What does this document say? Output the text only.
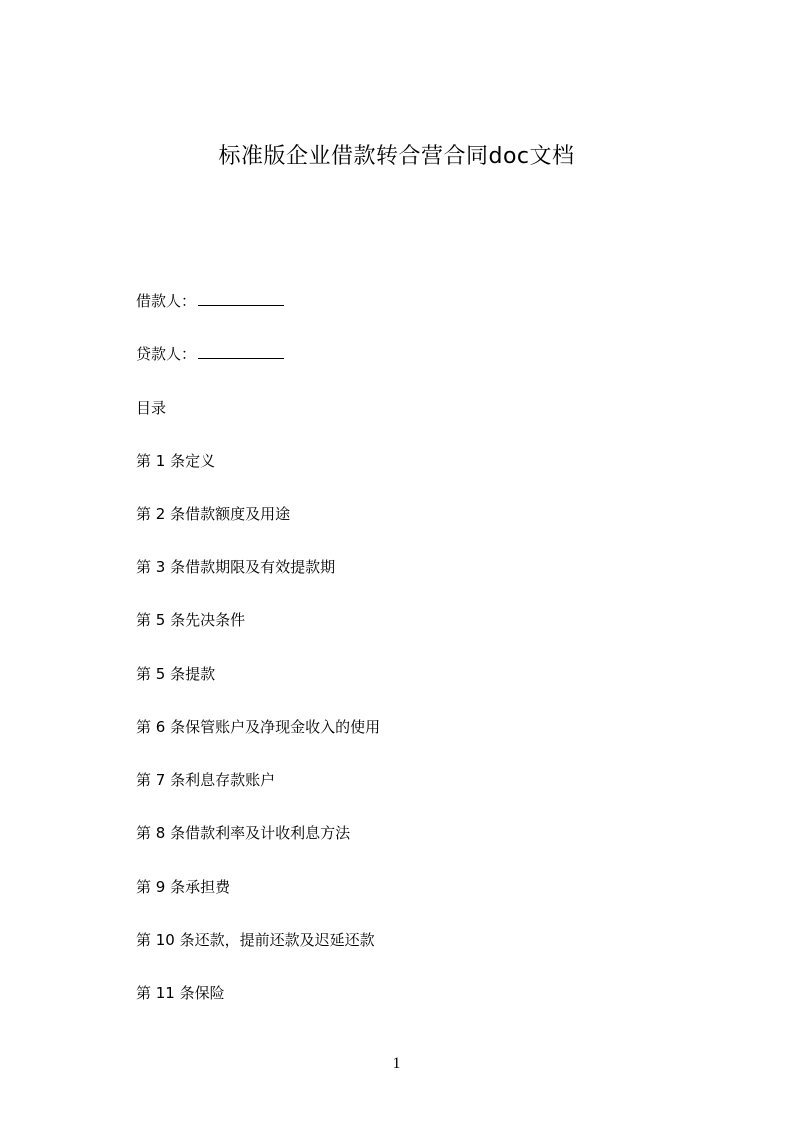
标准版企业借款转合营合同doc文档
借款人：
贷款人：
目录
第 1 条定义
第 2 条借款额度及用途
第 3 条借款期限及有效提款期
第 5 条先决条件
第 5 条提款
第 6 条保管账户及净现金收入的使用
第 7 条利息存款账户
第 8 条借款利率及计收利息方法
第 9 条承担费
第 10 条还款，提前还款及迟延还款
第 11 条保险
1
